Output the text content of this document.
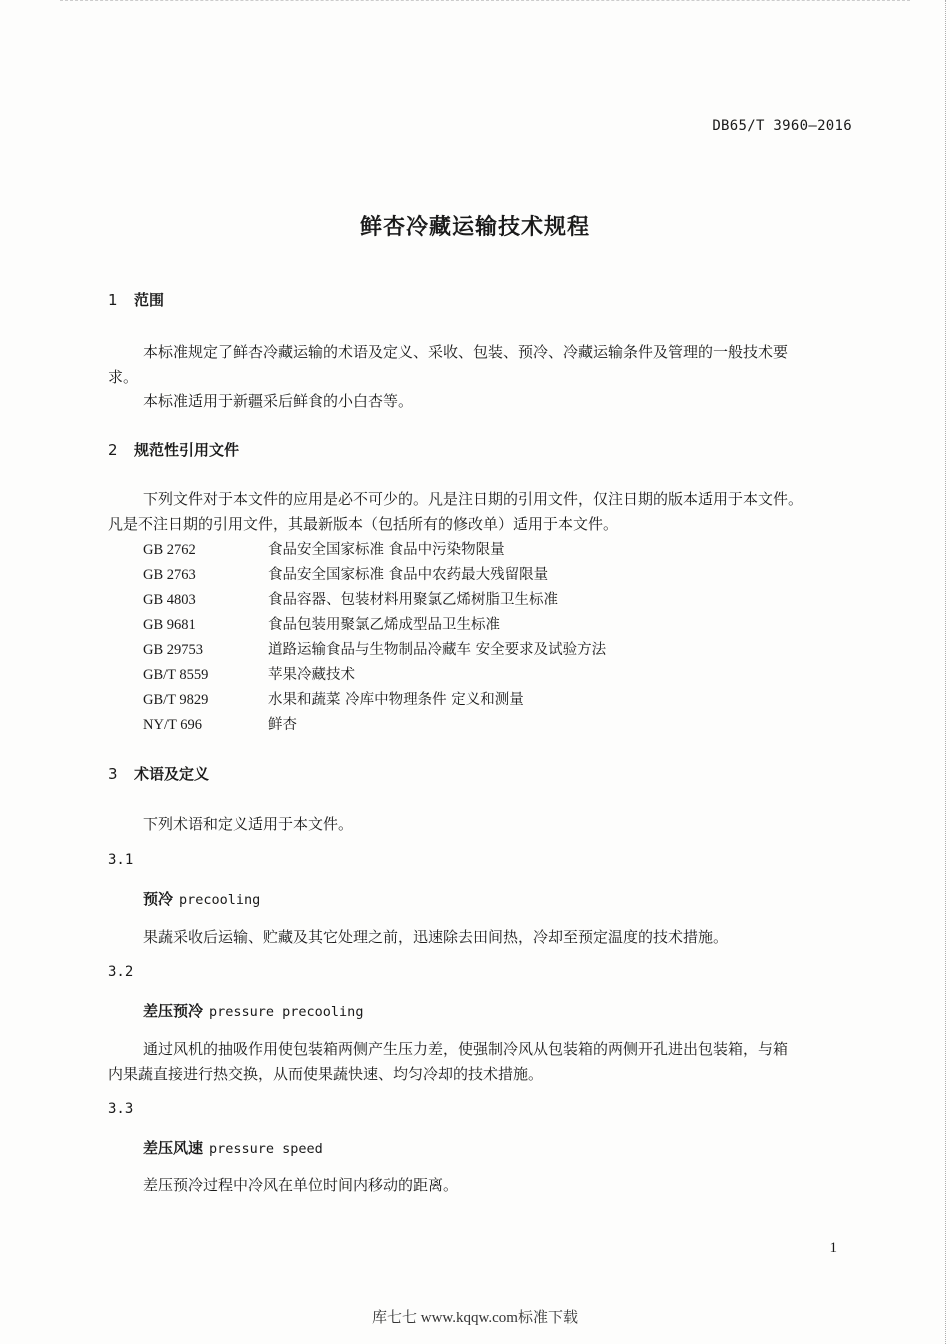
DB65/T 3960—2016
鲜杏冷藏运输技术规程
1 范围
本标准规定了鲜杏冷藏运输的术语及定义、采收、包装、预冷、冷藏运输条件及管理的一般技术要
求。
本标准适用于新疆采后鲜食的小白杏等。
2 规范性引用文件
下列文件对于本文件的应用是必不可少的。凡是注日期的引用文件，仅注日期的版本适用于本文件。
凡是不注日期的引用文件，其最新版本（包括所有的修改单）适用于本文件。
GB 2762	食品安全国家标准 食品中污染物限量
GB 2763	食品安全国家标准 食品中农药最大残留限量
GB 4803	食品容器、包装材料用聚氯乙烯树脂卫生标准
GB 9681	食品包装用聚氯乙烯成型品卫生标准
GB 29753	道路运输食品与生物制品冷藏车 安全要求及试验方法
GB/T 8559	苹果冷藏技术
GB/T 9829	水果和蔬菜 冷库中物理条件 定义和测量
NY/T 696	鲜杏
3 术语及定义
下列术语和定义适用于本文件。
3.1
预冷 precooling
果蔬采收后运输、贮藏及其它处理之前，迅速除去田间热，冷却至预定温度的技术措施。
3.2
差压预冷 pressure precooling
通过风机的抽吸作用使包装箱两侧产生压力差，使强制冷风从包装箱的两侧开孔进出包装箱，与箱
内果蔬直接进行热交换，从而使果蔬快速、均匀冷却的技术措施。
3.3
差压风速 pressure speed
差压预冷过程中冷风在单位时间内移动的距离。
1
库七七 www.kqqw.com标准下载
